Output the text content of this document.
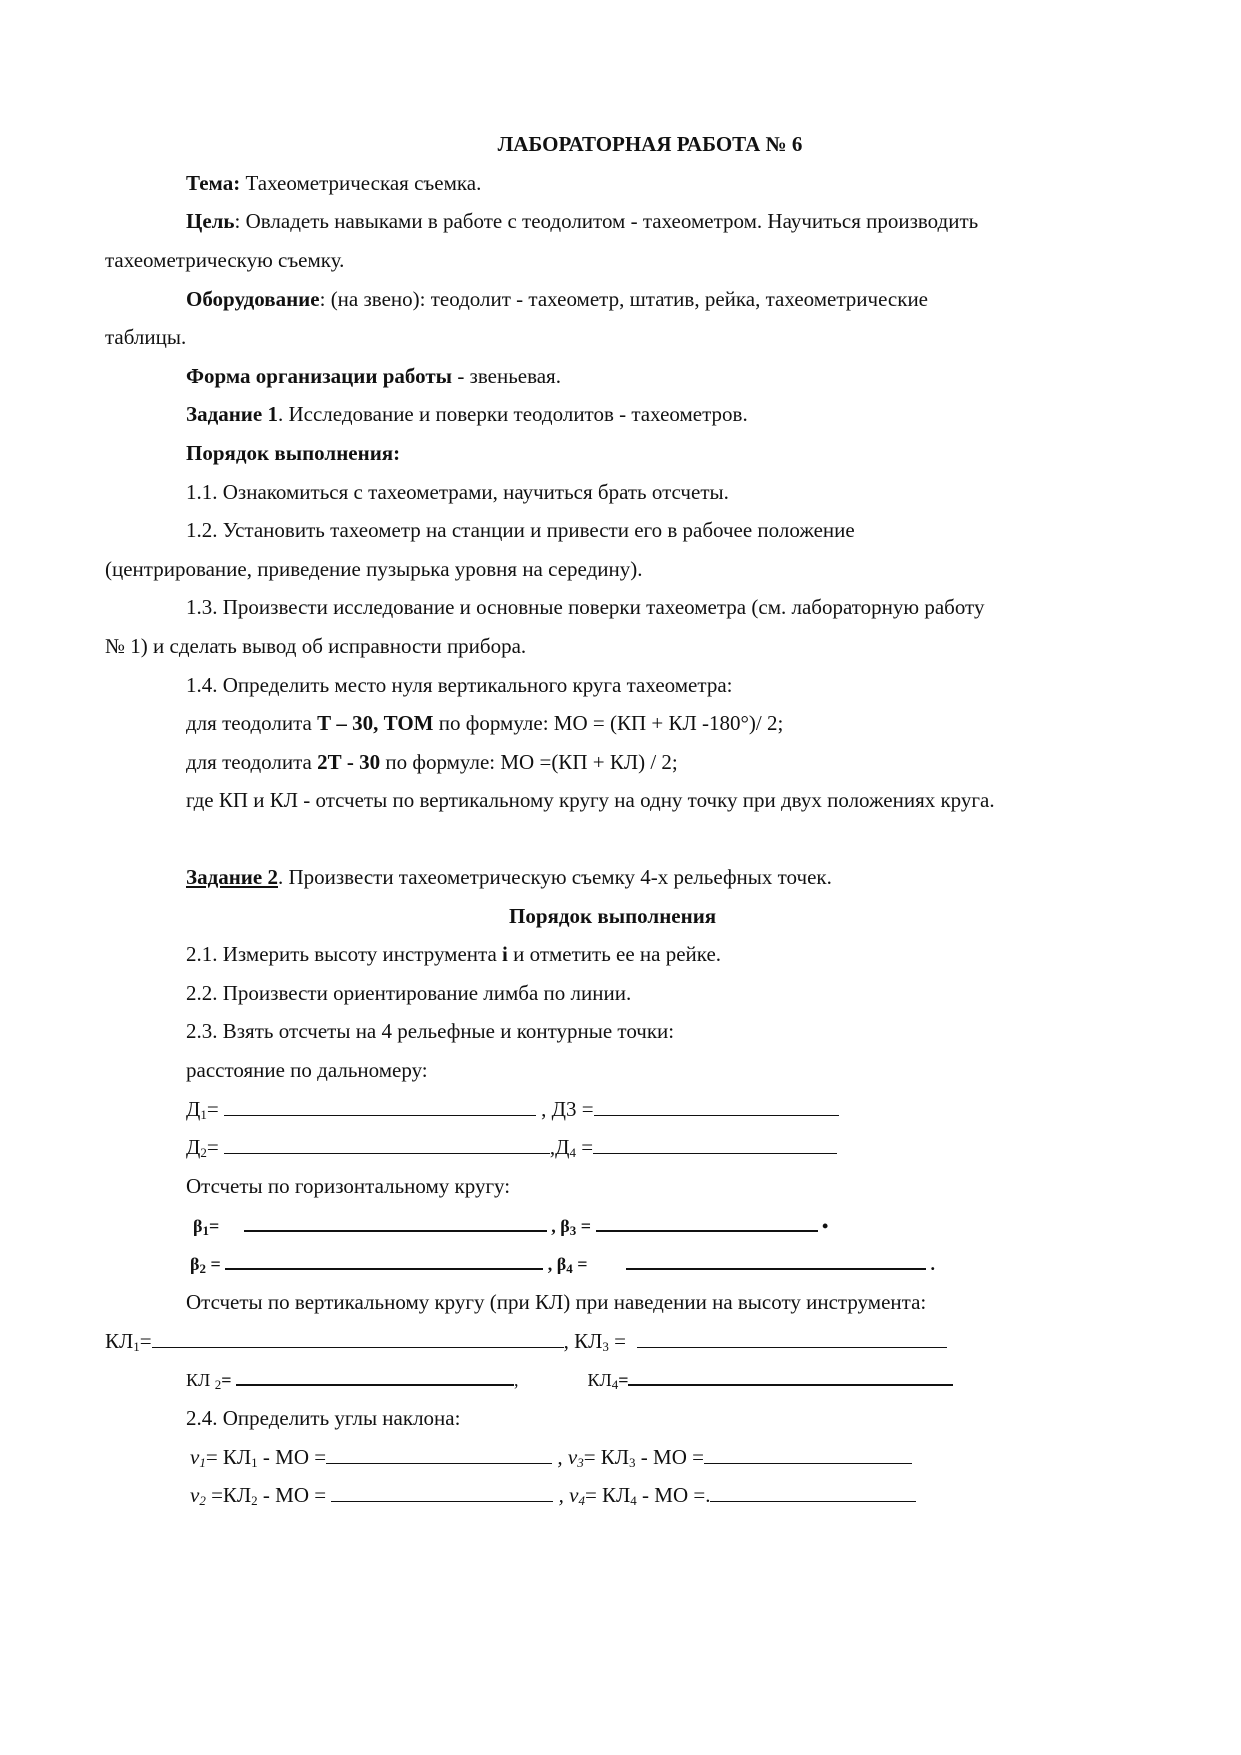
ЛАБОРАТОРНАЯ РАБОТА № 6
Тема: Тахеометрическая съемка.
Цель: Овладеть навыками в работе с теодолитом - тахеометром. Научиться производить
тахеометрическую съемку.
Оборудование: (на звено): теодолит - тахеометр, штатив, рейка, тахеометрические
таблицы.
Форма организации работы - звеньевая.
Задание 1. Исследование и поверки теодолитов - тахеометров.
Порядок выполнения:
1.1. Ознакомиться с тахеометрами, научиться брать отсчеты.
1.2. Установить тахеометр на станции и привести его в рабочее положение
(центрирование, приведение пузырька уровня на середину).
1.3. Произвести исследование и основные поверки тахеометра (см. лабораторную работу
№ 1) и сделать вывод об исправности прибора.
1.4. Определить место нуля вертикального круга тахеометра:
для теодолита Т – 30, ТОМ по формуле: МО = (КП + КЛ -180°)/ 2;
для теодолита 2Т - 30 по формуле: МО =(КП + КЛ) / 2;
где КП и КЛ - отсчеты по вертикальному кругу на одну точку при двух положениях круга.
Задание 2. Произвести тахеометрическую съемку 4-х рельефных точек.
Порядок выполнения
2.1. Измерить высоту инструмента i и отметить ее на рейке.
2.2. Произвести ориентирование лимба по линии.
2.3. Взять отсчеты на 4 рельефные и контурные точки:
расстояние по дальномеру:
$Д_1=$	, Д3 =
$Д_2=$	$,Д_4$ =
Отсчеты по горизонтальному кругу:
$\beta_1=$	, $\beta_3$ =	•
$\beta_2$ =	, $\beta_4$ =	.
Отсчеты по вертикальному кругу (при КЛ) при наведении на высоту инструмента:
$КЛ_1=$	, $КЛ_3$ =
КЛ $_2$=	,	$КЛ_4=$
2.4. Определить углы наклона:
$v_1= КЛ_1$ - МО =	, $v_3= КЛ_3$ - МО =
$v_2 =КЛ_2$ - МО =	, $v_4= КЛ_4$ - МО =.
